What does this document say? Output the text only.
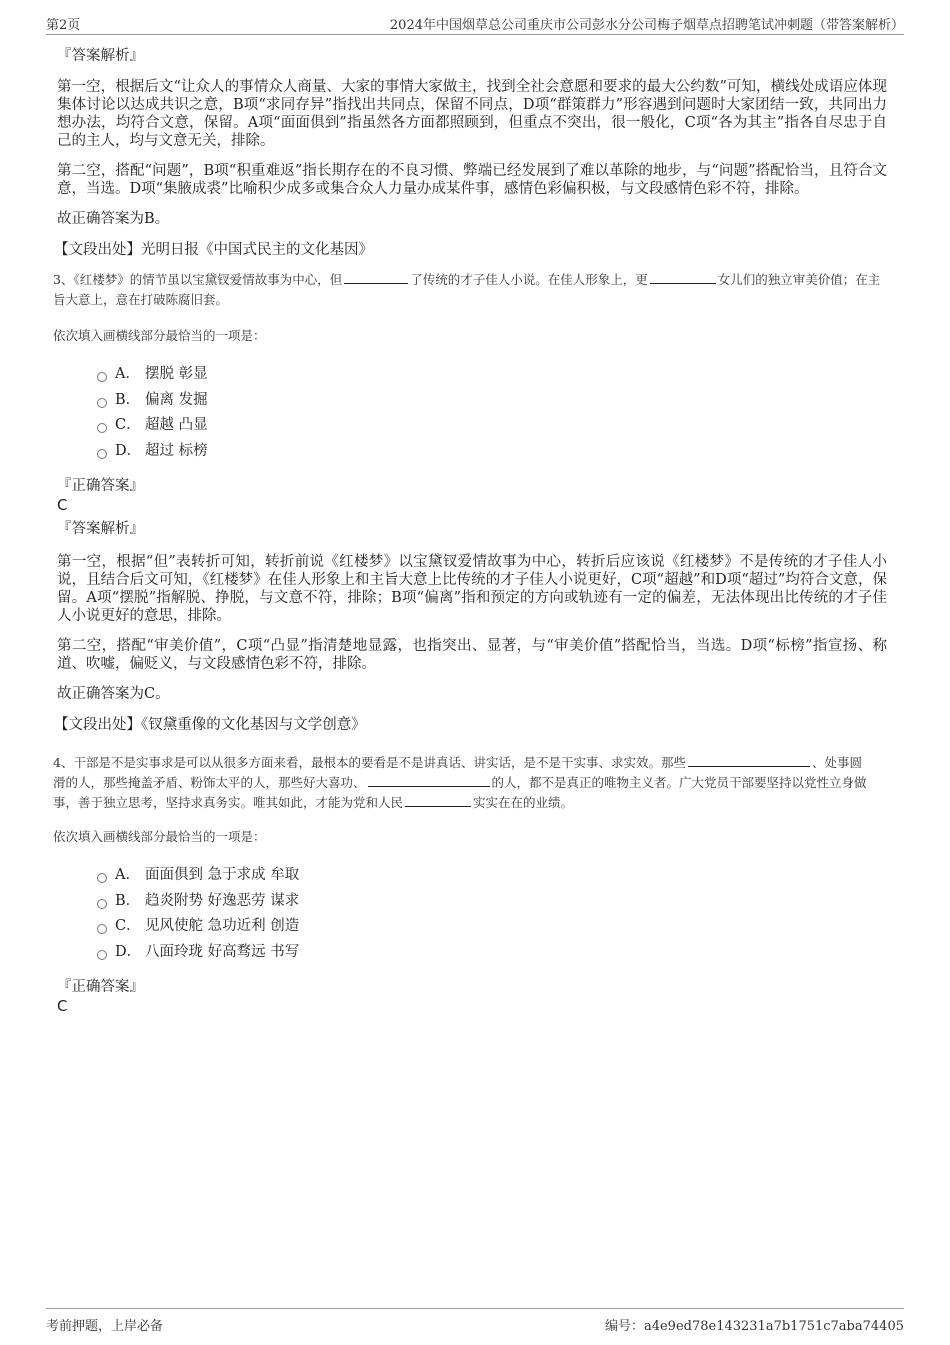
第2页	2024年中国烟草总公司重庆市公司彭水分公司梅子烟草点招聘笔试冲刺题（带答案解析）
『答案解析』

第一空，根据后文“让众人的事情众人商量、大家的事情大家做主，找到全社会意愿和要求的最大公约数”可知，横线处成语应体现集体讨论以达成共识之意，B项“求同存异”指找出共同点，保留不同点，D项“群策群力”形容遇到问题时大家团结一致，共同出力想办法，均符合文意，保留。A项“面面俱到”指虽然各方面都照顾到，但重点不突出，很一般化，C项“各为其主”指各自尽忠于自己的主人，均与文意无关，排除。

第二空，搭配“问题”，B项“积重难返”指长期存在的不良习惯、弊端已经发展到了难以革除的地步，与“问题”搭配恰当，且符合文意，当选。D项“集腋成裘”比喻积少成多或集合众人力量办成某件事，感情色彩偏积极，与文段感情色彩不符，排除。

故正确答案为B。

【文段出处】光明日报《中国式民主的文化基因》
3、《红楼梦》的情节虽以宝黛钗爱情故事为中心，但	了传统的才子佳人小说。在佳人形象上，更	女儿们的独立审美价值；在主旨大意上，意在打破陈腐旧套。
依次填入画横线部分最恰当的一项是：
A． 摆脱 彰显
B． 偏离 发掘
C． 超越 凸显
D． 超过 标榜
『正确答案』
C
『答案解析』

第一空，根据“但”表转折可知，转折前说《红楼梦》以宝黛钗爱情故事为中心，转折后应该说《红楼梦》不是传统的才子佳人小说，且结合后文可知，《红楼梦》在佳人形象上和主旨大意上比传统的才子佳人小说更好，C项“超越”和D项“超过”均符合文意，保留。A项“摆脱”指解脱、挣脱，与文意不符，排除；B项“偏离”指和预定的方向或轨迹有一定的偏差，无法体现出比传统的才子佳人小说更好的意思，排除。

第二空，搭配“审美价值”，C项“凸显”指清楚地显露，也指突出、显著，与“审美价值”搭配恰当，当选。D项“标榜”指宣扬、称道、吹嘘，偏贬义，与文段感情色彩不符，排除。

故正确答案为C。

【文段出处】《钗黛重像的文化基因与文学创意》
4、干部是不是实事求是可以从很多方面来看，最根本的要看是不是讲真话、讲实话，是不是干实事、求实效。那些	、处事圆
滑的人，那些掩盖矛盾、粉饰太平的人，那些好大喜功、	的人，都不是真正的唯物主义者。广大党员干部要坚持以党性立身做
事，善于独立思考，坚持求真务实。唯其如此，才能为党和人民	实实在在的业绩。
依次填入画横线部分最恰当的一项是：
A． 面面俱到 急于求成 牟取
B． 趋炎附势 好逸恶劳 谋求
C． 见风使舵 急功近利 创造
D． 八面玲珑 好高骛远 书写
『正确答案』
C
考前押题，上岸必备	编号：a4e9ed78e143231a7b1751c7aba74405
